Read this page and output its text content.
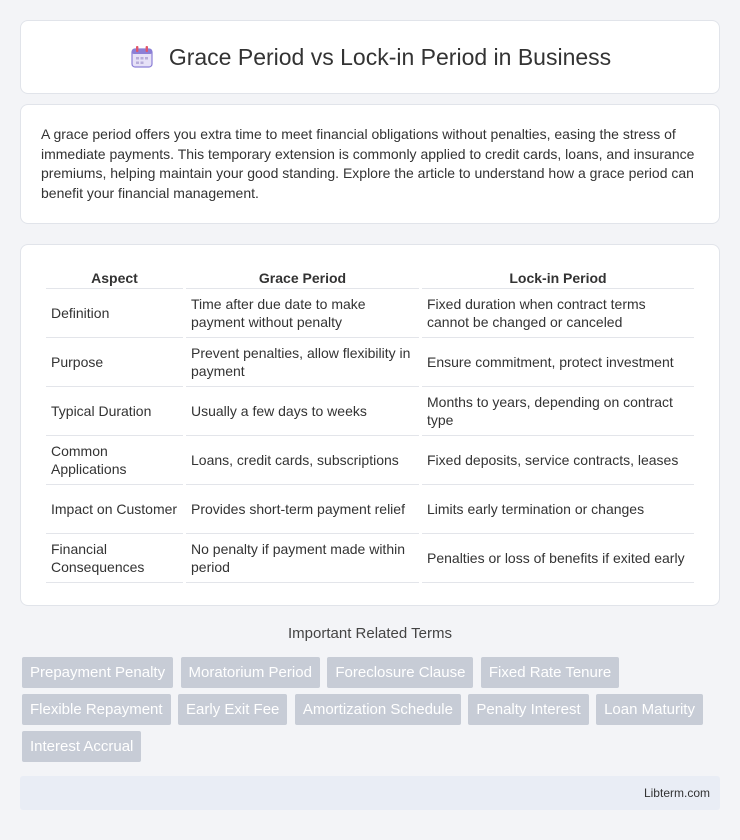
Grace Period vs Lock-in Period in Business

A grace period offers you extra time to meet financial obligations without penalties, easing the stress of immediate payments. This temporary extension is commonly applied to credit cards, loans, and insurance premiums, helping maintain your good standing. Explore the article to understand how a grace period can benefit your financial management.

Aspect	Grace Period	Lock-in Period
Definition	Time after due date to make payment without penalty	Fixed duration when contract terms cannot be changed or canceled
Purpose	Prevent penalties, allow flexibility in payment	Ensure commitment, protect investment
Typical Duration	Usually a few days to weeks	Months to years, depending on contract type
Common Applications	Loans, credit cards, subscriptions	Fixed deposits, service contracts, leases
Impact on Customer	Provides short-term payment relief	Limits early termination or changes
Financial Consequences	No penalty if payment made within period	Penalties or loss of benefits if exited early
Important Related Terms
Prepayment Penalty Moratorium Period Foreclosure Clause Fixed Rate Tenure Flexible Repayment Early Exit Fee Amortization Schedule Penalty Interest Loan Maturity Interest Accrual
Libterm.com
